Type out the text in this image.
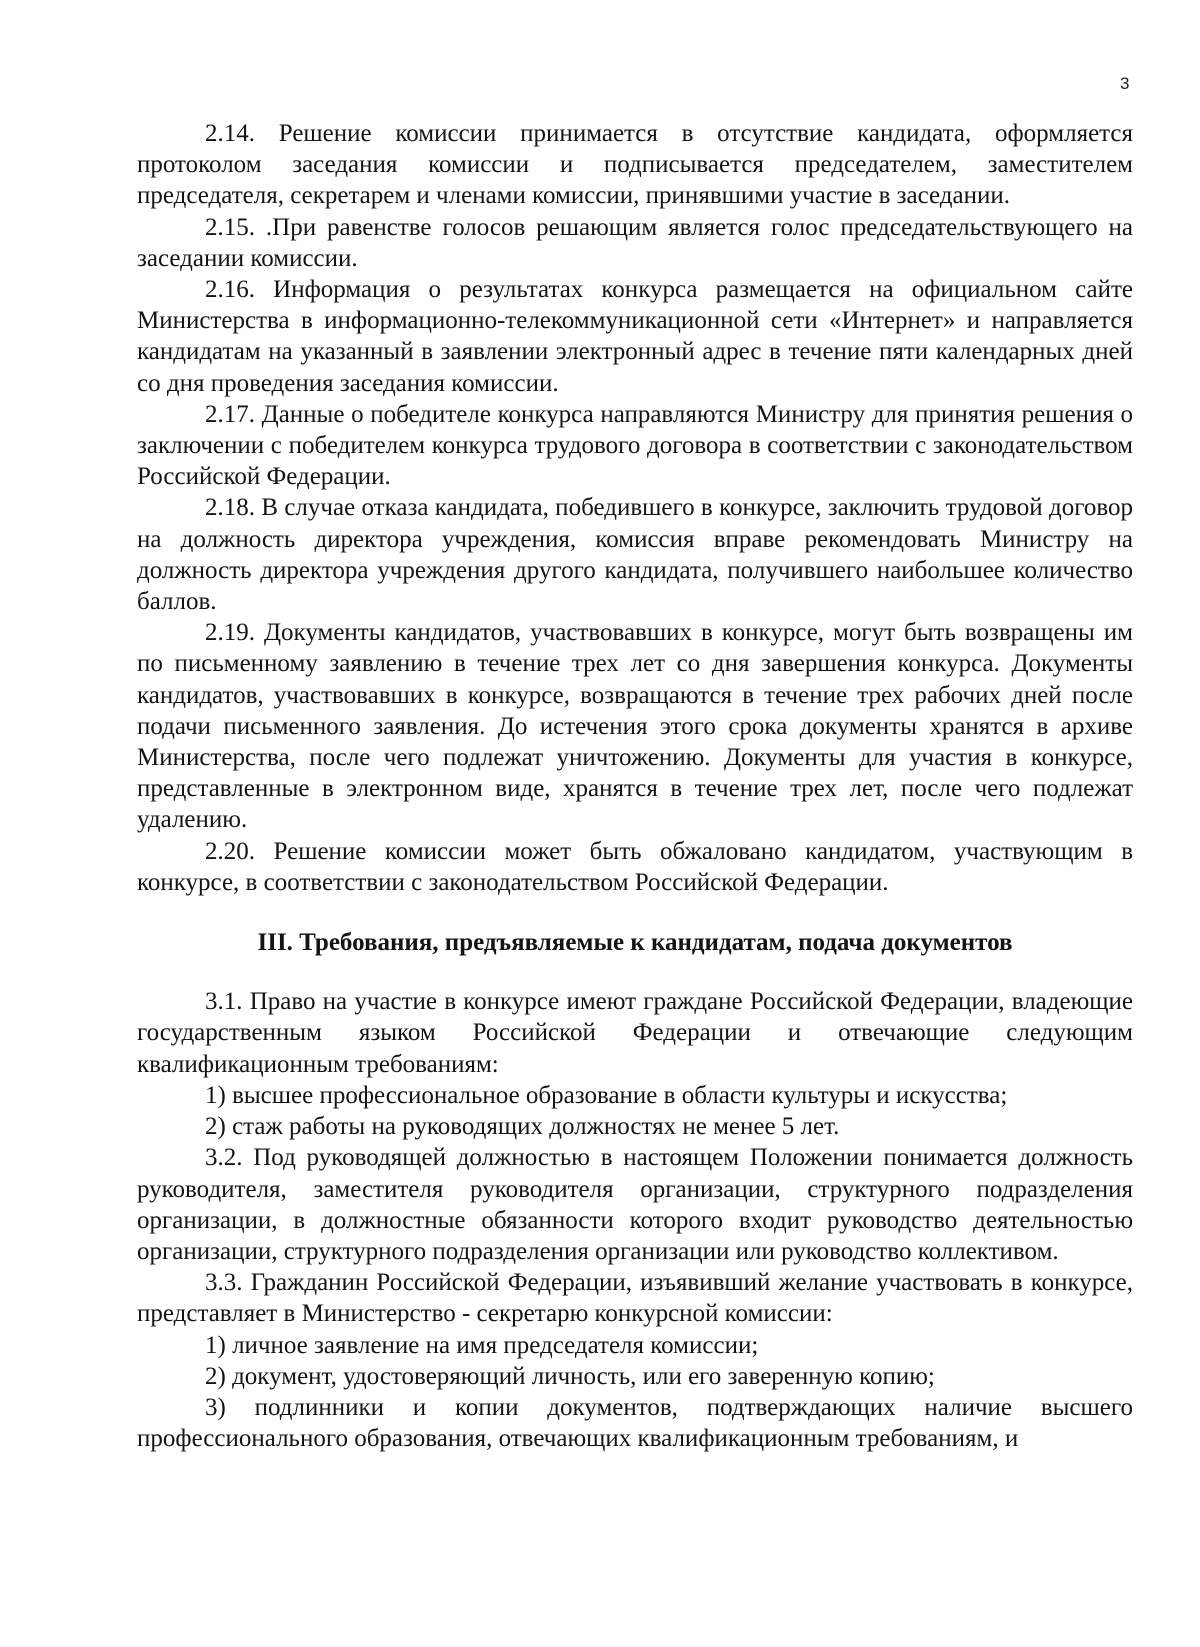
3

2.14. Решение комиссии принимается в отсутствие кандидата, оформляется протоколом заседания комиссии и подписывается председателем, заместителем председателя, секретарем и членами комиссии, принявшими участие в заседании.

2.15. .При равенстве голосов решающим является голос председательствующего на заседании комиссии.

2.16. Информация о результатах конкурса размещается на официальном сайте Министерства в информационно-телекоммуникационной сети «Интернет» и направляется кандидатам на указанный в заявлении электронный адрес в течение пяти календарных дней со дня проведения заседания комиссии.

2.17. Данные о победителе конкурса направляются Министру для принятия решения о заключении с победителем конкурса трудового договора в соответствии с законодательством Российской Федерации.

2.18. В случае отказа кандидата, победившего в конкурсе, заключить трудовой договор на должность директора учреждения, комиссия вправе рекомендовать Министру на должность директора учреждения другого кандидата, получившего наибольшее количество баллов.

2.19. Документы кандидатов, участвовавших в конкурсе, могут быть возвращены им по письменному заявлению в течение трех лет со дня завершения конкурса. Документы кандидатов, участвовавших в конкурсе, возвращаются в течение трех рабочих дней после подачи письменного заявления. До истечения этого срока документы хранятся в архиве Министерства, после чего подлежат уничтожению. Документы для участия в конкурсе, представленные в электронном виде, хранятся в течение трех лет, после чего подлежат удалению.

2.20. Решение комиссии может быть обжаловано кандидатом, участвующим в конкурсе, в соответствии с законодательством Российской Федерации.

III. Требования, предъявляемые к кандидатам, подача документов

3.1. Право на участие в конкурсе имеют граждане Российской Федерации, владеющие государственным языком Российской Федерации и отвечающие следующим квалификационным требованиям:

1) высшее профессиональное образование в области культуры и искусства;

2) стаж работы на руководящих должностях не менее 5 лет.

3.2. Под руководящей должностью в настоящем Положении понимается должность руководителя, заместителя руководителя организации, структурного подразделения организации, в должностные обязанности которого входит руководство деятельностью организации, структурного подразделения организации или руководство коллективом.

3.3. Гражданин Российской Федерации, изъявивший желание участвовать в конкурсе, представляет в Министерство - секретарю конкурсной комиссии:

1) личное заявление на имя председателя комиссии;

2) документ, удостоверяющий личность, или его заверенную копию;

3) подлинники и копии документов, подтверждающих наличие высшего профессионального образования, отвечающих квалификационным требованиям, и
